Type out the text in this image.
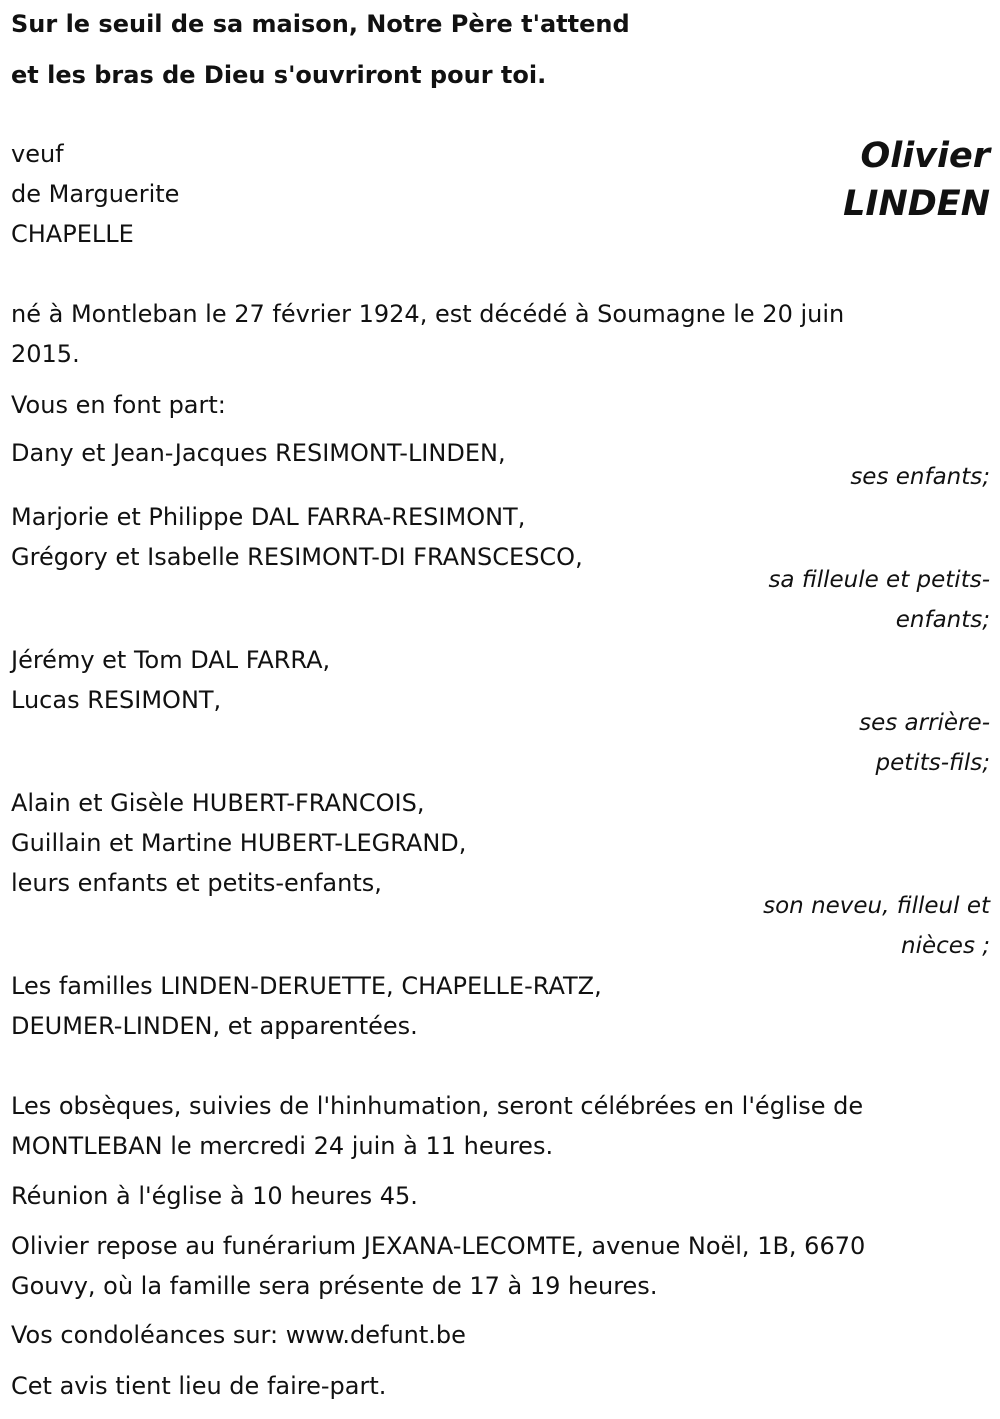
Sur le seuil de sa maison, Notre Père t'attend
et les bras de Dieu s'ouvriront pour toi.
veuf
de Marguerite
CHAPELLE
Olivier
LINDEN
né à Montleban le 27 février 1924, est décédé à Soumagne le 20 juin
2015.
Vous en font part:
Dany et Jean-Jacques RESIMONT-LINDEN,
ses enfants;
Marjorie et Philippe DAL FARRA-RESIMONT,
Grégory et Isabelle RESIMONT-DI FRANSCESCO,
sa filleule et petits-
enfants;
Jérémy et Tom DAL FARRA,
Lucas RESIMONT,
ses arrière-
petits-fils;
Alain et Gisèle HUBERT-FRANCOIS,
Guillain et Martine HUBERT-LEGRAND,
leurs enfants et petits-enfants,
son neveu, filleul et
nièces ;
Les familles LINDEN-DERUETTE, CHAPELLE-RATZ,
DEUMER-LINDEN, et apparentées.
Les obsèques, suivies de l'hinhumation, seront célébrées en l'église de
MONTLEBAN le mercredi 24 juin à 11 heures.
Réunion à l'église à 10 heures 45.
Olivier repose au funérarium JEXANA-LECOMTE, avenue Noël, 1B, 6670
Gouvy, où la famille sera présente de 17 à 19 heures.
Vos condoléances sur: www.defunt.be
Cet avis tient lieu de faire-part.
